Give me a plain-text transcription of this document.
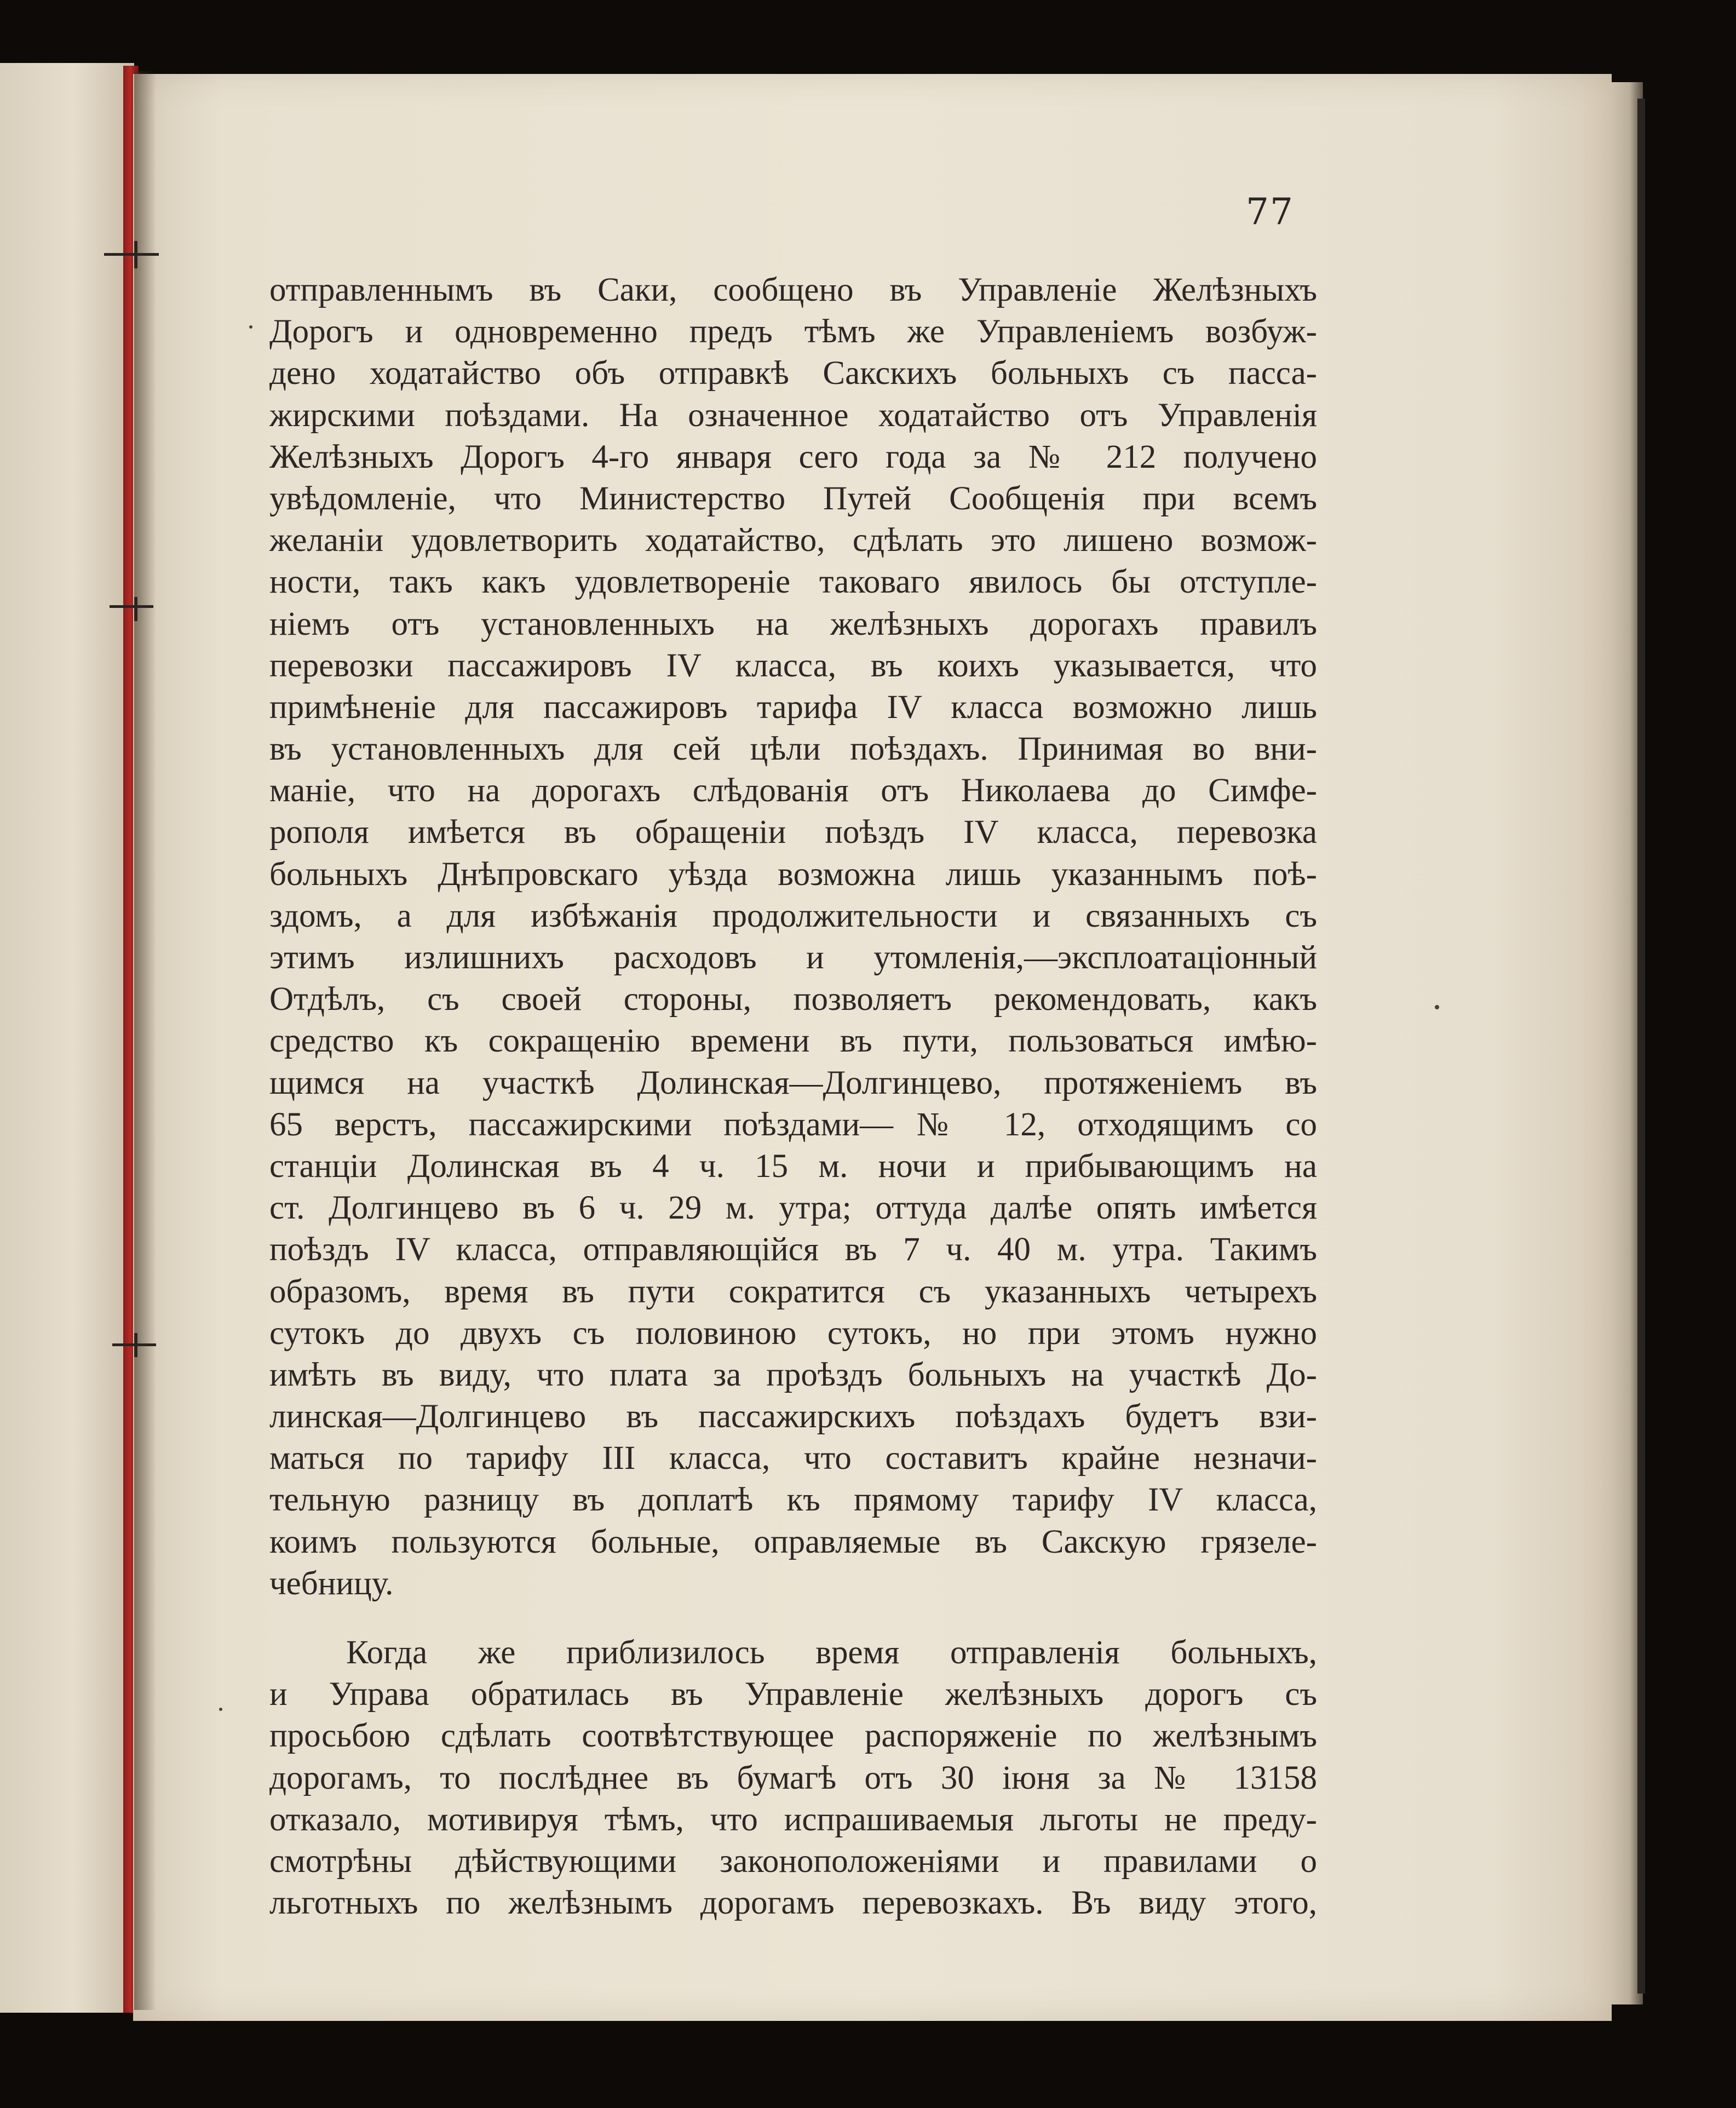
77
отправленнымъ въ Саки, сообщено въ Управленіе Желѣзныхъ
Дорогъ и одновременно предъ тѣмъ же Управленіемъ возбуж-
дено ходатайство объ отправкѣ Сакскихъ больныхъ съ пасса-
жирскими поѣздами. На означенное ходатайство отъ Управленія
Желѣзныхъ Дорогъ 4-го января сего года за № 212 получено
увѣдомленіе, что Министерство Путей Сообщенія при всемъ
желаніи удовлетворить ходатайство, сдѣлать это лишено возмож-
ности, такъ какъ удовлетвореніе таковаго явилось бы отступле-
ніемъ отъ установленныхъ на желѣзныхъ дорогахъ правилъ
перевозки пассажировъ IV класса, въ коихъ указывается, что
примѣненіе для пассажировъ тарифа IV класса возможно лишь
въ установленныхъ для сей цѣли поѣздахъ. Принимая во вни-
маніе, что на дорогахъ слѣдованія отъ Николаева до Симфе-
рополя имѣется въ обращеніи поѣздъ IV класса, перевозка
больныхъ Днѣпровскаго уѣзда возможна лишь указаннымъ поѣ-
здомъ, а для избѣжанія продолжительности и связанныхъ съ
этимъ излишнихъ расходовъ и утомленія,—эксплоатаціонный
Отдѣлъ, съ своей стороны, позволяетъ рекомендовать, какъ
средство къ сокращенію времени въ пути, пользоваться имѣю-
щимся на участкѣ Долинская—Долгинцево, протяженіемъ въ
65 верстъ, пассажирскими поѣздами—№ 12, отходящимъ со
станціи Долинская въ 4 ч. 15 м. ночи и прибывающимъ на
ст. Долгинцево въ 6 ч. 29 м. утра; оттуда далѣе опять имѣется
поѣздъ IV класса, отправляющійся въ 7 ч. 40 м. утра. Такимъ
образомъ, время въ пути сократится съ указанныхъ четырехъ
сутокъ до двухъ съ половиною сутокъ, но при этомъ нужно
имѣть въ виду, что плата за проѣздъ больныхъ на участкѣ До-
линская—Долгинцево въ пассажирскихъ поѣздахъ будетъ взи-
маться по тарифу III класса, что составитъ крайне незначи-
тельную разницу въ доплатѣ къ прямому тарифу IV класса,
коимъ пользуются больные, оправляемые въ Сакскую грязеле-
чебницу.
Когда же приблизилось время отправленія больныхъ,
и Управа обратилась въ Управленіе желѣзныхъ дорогъ съ
просьбою сдѣлать соотвѣтствующее распоряженіе по желѣзнымъ
дорогамъ, то послѣднее въ бумагѣ отъ 30 іюня за № 13158
отказало, мотивируя тѣмъ, что испрашиваемыя льготы не преду-
смотрѣны дѣйствующими законоположеніями и правилами о
льготныхъ по желѣзнымъ дорогамъ перевозкахъ. Въ виду этого,
